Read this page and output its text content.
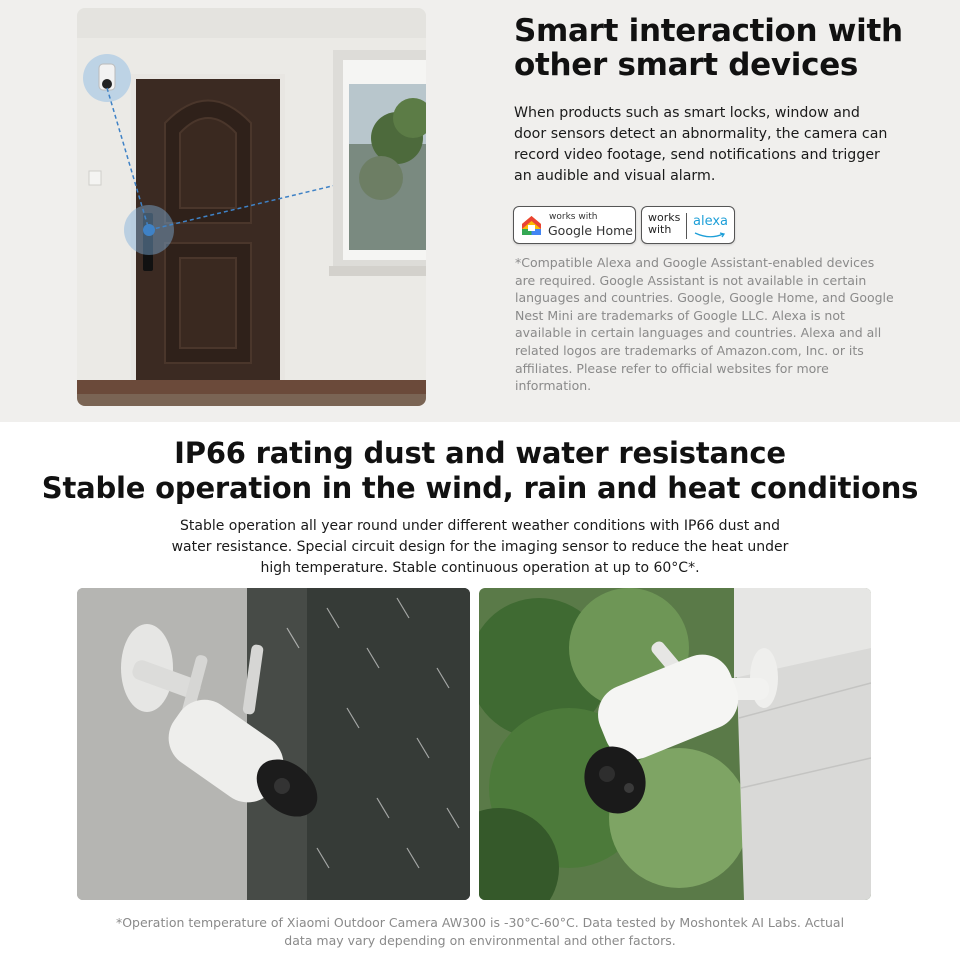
Smart interaction with
other smart devices

When products such as smart locks, window and door sensors detect an abnormality, the camera can record video footage, send notifications and trigger an audible and visual alarm.

works with
Google Home
works
with
alexa

*Compatible Alexa and Google Assistant-enabled devices are required. Google Assistant is not available in certain languages and countries. Google, Google Home, and Google Nest Mini are trademarks of Google LLC. Alexa is not available in certain languages and countries. Alexa and all related logos are trademarks of Amazon.com, Inc. or its affiliates. Please refer to official websites for more information.

IP66 rating dust and water resistance
Stable operation in the wind, rain and heat conditions

Stable operation all year round under different weather conditions with IP66 dust and water resistance. Special circuit design for the imaging sensor to reduce the heat under high temperature. Stable continuous operation at up to 60°C*.

*Operation temperature of Xiaomi Outdoor Camera AW300 is -30°C-60°C. Data tested by Moshontek AI Labs. Actual data may vary depending on environmental and other factors.
